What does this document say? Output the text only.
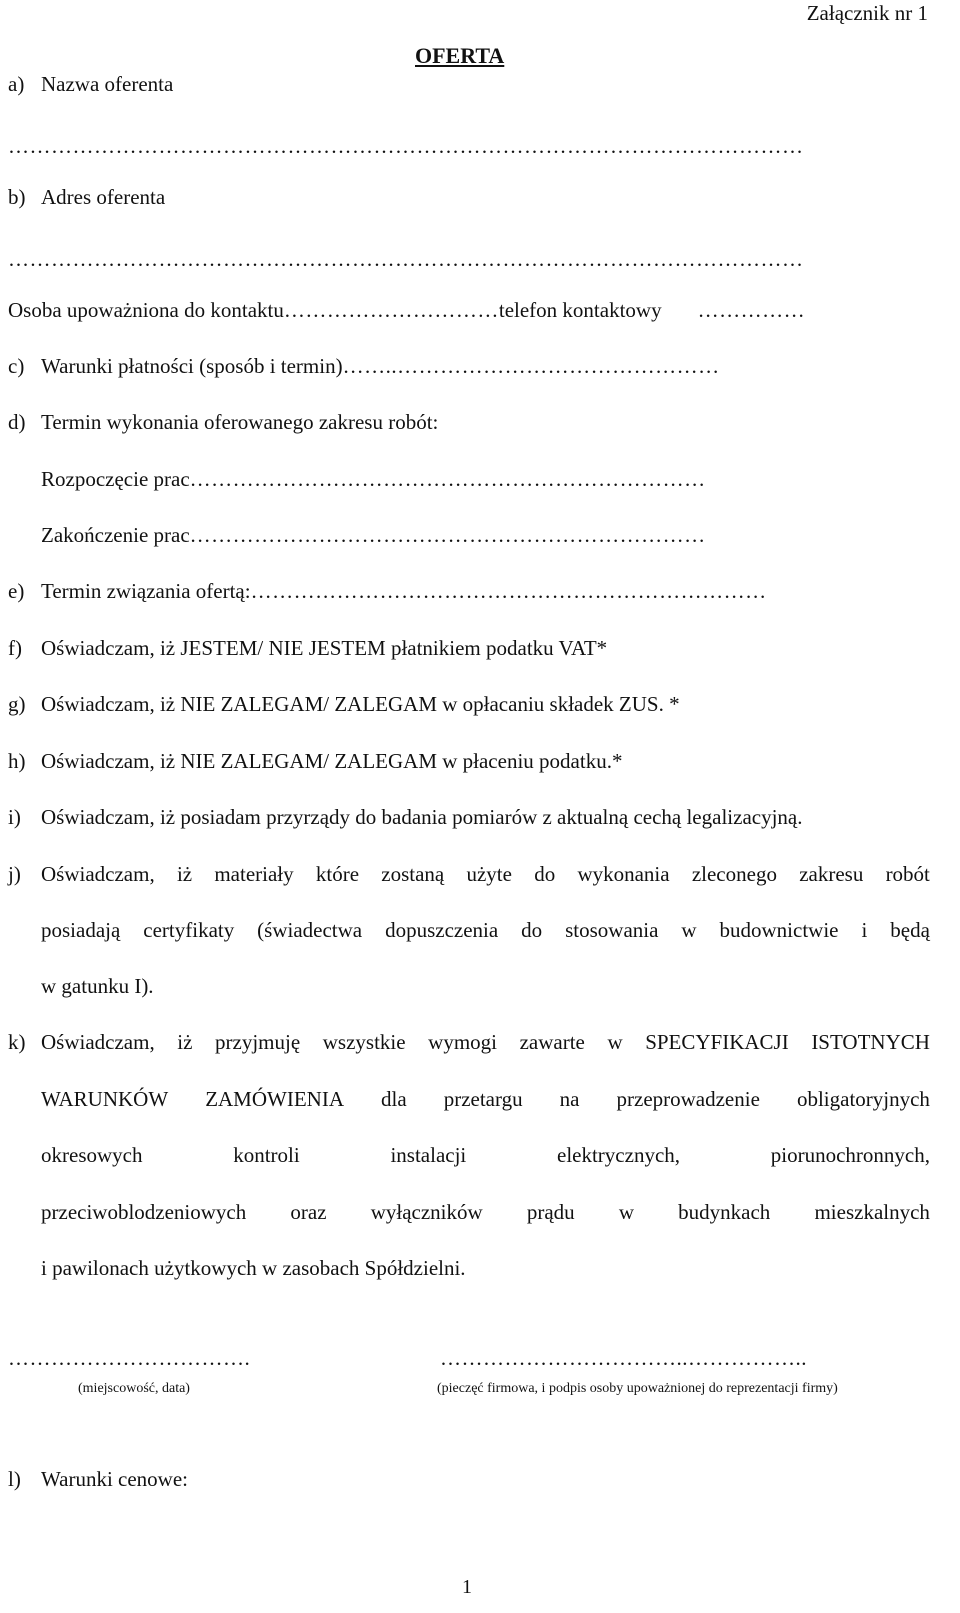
Załącznik nr 1
OFERTA
a) Nazwa oferenta
…………………………………………………………………………………………………
b) Adres oferenta
…………………………………………………………………………………………………
Osoba upoważniona do kontaktu…………………………telefon kontaktowy ……………
c) Warunki płatności (sposób i termin)……..………………………………………
d) Termin wykonania oferowanego zakresu robót:
Rozpoczęcie prac………………………………………………………………
Zakończenie prac………………………………………………………………
e) Termin związania ofertą:………………………………………………………………
f) Oświadczam, iż JESTEM/ NIE JESTEM płatnikiem podatku VAT*
g) Oświadczam, iż NIE ZALEGAM/ ZALEGAM w opłacaniu składek ZUS. *
h) Oświadczam, iż NIE ZALEGAM/ ZALEGAM w płaceniu podatku.*
i) Oświadczam, iż posiadam przyrządy do badania pomiarów z aktualną cechą legalizacyjną.
j) Oświadczam, iż materiały które zostaną użyte do wykonania zleconego zakresu robót
posiadają certyfikaty (świadectwa dopuszczenia do stosowania w budownictwie i będą
w gatunku I).
k) Oświadczam, iż przyjmuję wszystkie wymogi zawarte w SPECYFIKACJI ISTOTNYCH
WARUNKÓW ZAMÓWIENIA dla przetargu na przeprowadzenie obligatoryjnych
okresowych	kontroli	instalacji	elektrycznych,	piorunochronnych,
przeciwoblodzeniowych oraz wyłączników prądu w budynkach mieszkalnych
i pawilonach użytkowych w zasobach Spółdzielni.
…………………………….
(miejscowość, data)
……………………………..……………..
(pieczęć firmowa, i podpis osoby upoważnionej do reprezentacji firmy)
l) Warunki cenowe:
1
